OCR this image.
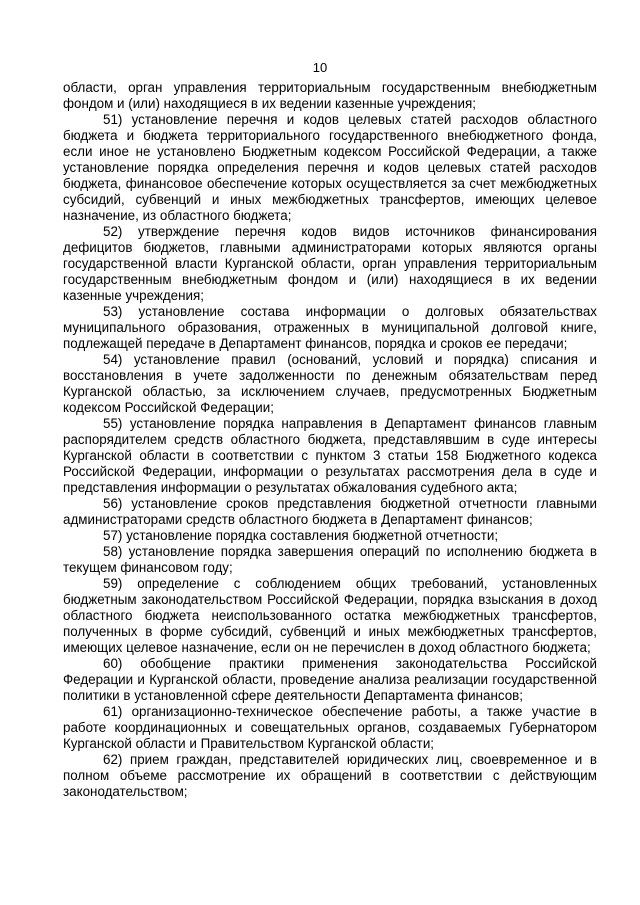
10

области, орган управления территориальным государственным внебюджетным фондом и (или) находящиеся в их ведении казенные учреждения;

51) установление перечня и кодов целевых статей расходов областного бюджета и бюджета территориального государственного внебюджетного фонда, если иное не установлено Бюджетным кодексом Российской Федерации, а также установление порядка определения перечня и кодов целевых статей расходов бюджета, финансовое обеспечение которых осуществляется за счет межбюджетных субсидий, субвенций и иных межбюджетных трансфертов, имеющих целевое назначение, из областного бюджета;

52) утверждение перечня кодов видов источников финансирования дефицитов бюджетов, главными администраторами которых являются органы государственной власти Курганской области, орган управления территориальным государственным внебюджетным фондом и (или) находящиеся в их ведении казенные учреждения;

53) установление состава информации о долговых обязательствах муниципального образования, отраженных в муниципальной долговой книге, подлежащей передаче в Департамент финансов, порядка и сроков ее передачи;

54) установление правил (оснований, условий и порядка) списания и восстановления в учете задолженности по денежным обязательствам перед Курганской областью, за исключением случаев, предусмотренных Бюджетным кодексом Российской Федерации;

55) установление порядка направления в Департамент финансов главным распорядителем средств областного бюджета, представлявшим в суде интересы Курганской области в соответствии с пунктом 3 статьи 158 Бюджетного кодекса Российской Федерации, информации о результатах рассмотрения дела в суде и представления информации о результатах обжалования судебного акта;

56) установление сроков представления бюджетной отчетности главными администраторами средств областного бюджета в Департамент финансов;

57) установление порядка составления бюджетной отчетности;

58) установление порядка завершения операций по исполнению бюджета в текущем финансовом году;

59) определение с соблюдением общих требований, установленных бюджетным законодательством Российской Федерации, порядка взыскания в доход областного бюджета неиспользованного остатка межбюджетных трансфертов, полученных в форме субсидий, субвенций и иных межбюджетных трансфертов, имеющих целевое назначение, если он не перечислен в доход областного бюджета;

60) обобщение практики применения законодательства Российской Федерации и Курганской области, проведение анализа реализации государственной политики в установленной сфере деятельности Департамента финансов;

61) организационно-техническое обеспечение работы, а также участие в работе координационных и совещательных органов, создаваемых Губернатором Курганской области и Правительством Курганской области;

62) прием граждан, представителей юридических лиц, своевременное и в полном объеме рассмотрение их обращений в соответствии с действующим законодательством;
